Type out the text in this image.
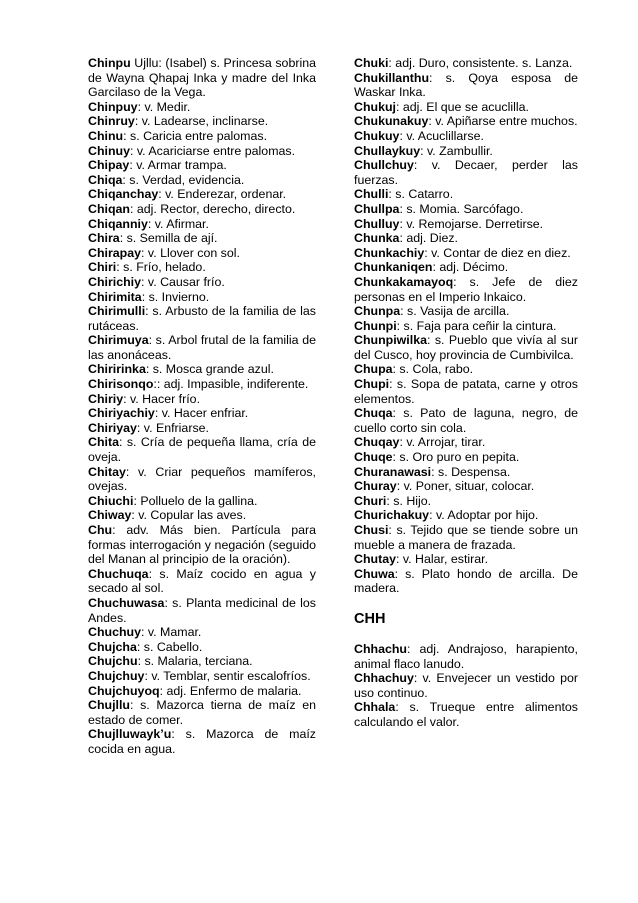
Chinpu Ujllu: (Isabel) s. Princesa sobrina de Wayna Qhapaj Inka y madre del Inka Garcilaso de la Vega.

Chinpuy: v. Medir.

Chinruy: v. Ladearse, inclinarse.

Chinu: s. Caricia entre palomas.

Chinuy: v. Acariciarse entre palomas.

Chipay: v. Armar trampa.

Chiqa: s. Verdad, evidencia.

Chiqanchay: v. Enderezar, ordenar.

Chiqan: adj. Rector, derecho, directo.

Chiqanniy: v. Afirmar.

Chira: s. Semilla de ají.

Chirapay: v. Llover con sol.

Chiri: s. Frío, helado.

Chirichiy: v. Causar frío.

Chirimita: s. Invierno.

Chirimulli: s. Arbusto de la familia de las rutáceas.

Chirimuya: s. Arbol frutal de la familia de las anonáceas.

Chiririnka: s. Mosca grande azul.

Chirisonqo:: adj. Impasible, indiferente.

Chiriy: v. Hacer frío.

Chiriyachiy: v. Hacer enfriar.

Chiriyay: v. Enfriarse.

Chita: s. Cría de pequeña llama, cría de oveja.

Chitay: v. Criar pequeños mamíferos, ovejas.

Chiuchi: Polluelo de la gallina.

Chiway: v. Copular las aves.

Chu: adv. Más bien. Partícula para formas interrogación y negación (seguido del Manan al principio de la oración).

Chuchuqa: s. Maíz cocido en agua y secado al sol.

Chuchuwasa: s. Planta medicinal de los Andes.

Chuchuy: v. Mamar.

Chujcha: s. Cabello.

Chujchu: s. Malaria, terciana.

Chujchuy: v. Temblar, sentir escalofríos.

Chujchuyoq: adj. Enfermo de malaria.

Chujllu: s. Mazorca tierna de maíz en estado de comer.

Chujlluwayk’u: s. Mazorca de maíz cocida en agua.

Chuki: adj. Duro, consistente. s. Lanza.

Chukillanthu: s. Qoya esposa de Waskar Inka.

Chukuj: adj. El que se acuclilla.

Chukunakuy: v. Apiñarse entre muchos.

Chukuy: v. Acuclillarse.

Chullaykuy: v. Zambullir.

Chullchuy: v. Decaer, perder las fuerzas.

Chulli: s. Catarro.

Chullpa: s. Momia. Sarcófago.

Chulluy: v. Remojarse. Derretirse.

Chunka: adj. Diez.

Chunkachiy: v. Contar de diez en diez.

Chunkaniqen: adj. Décimo.

Chunkakamayoq: s. Jefe de diez personas en el Imperio Inkaico.

Chunpa: s. Vasija de arcilla.

Chunpi: s. Faja para ceñir la cintura.

Chunpiwilka: s. Pueblo que vivía al sur del Cusco, hoy provincia de Cumbivilca.

Chupa: s. Cola, rabo.

Chupi: s. Sopa de patata, carne y otros elementos.

Chuqa: s. Pato de laguna, negro, de cuello corto sin cola.

Chuqay: v. Arrojar, tirar.

Chuqe: s. Oro puro en pepita.

Churanawasi: s. Despensa.

Churay: v. Poner, situar, colocar.

Churi: s. Hijo.

Churichakuy: v. Adoptar por hijo.

Chusi: s. Tejido que se tiende sobre un mueble a manera de frazada.

Chutay: v. Halar, estirar.

Chuwa: s. Plato hondo de arcilla. De madera.

CHH

Chhachu: adj. Andrajoso, harapiento, animal flaco lanudo.

Chhachuy: v. Envejecer un vestido por uso continuo.

Chhala: s. Trueque entre alimentos calculando el valor.
